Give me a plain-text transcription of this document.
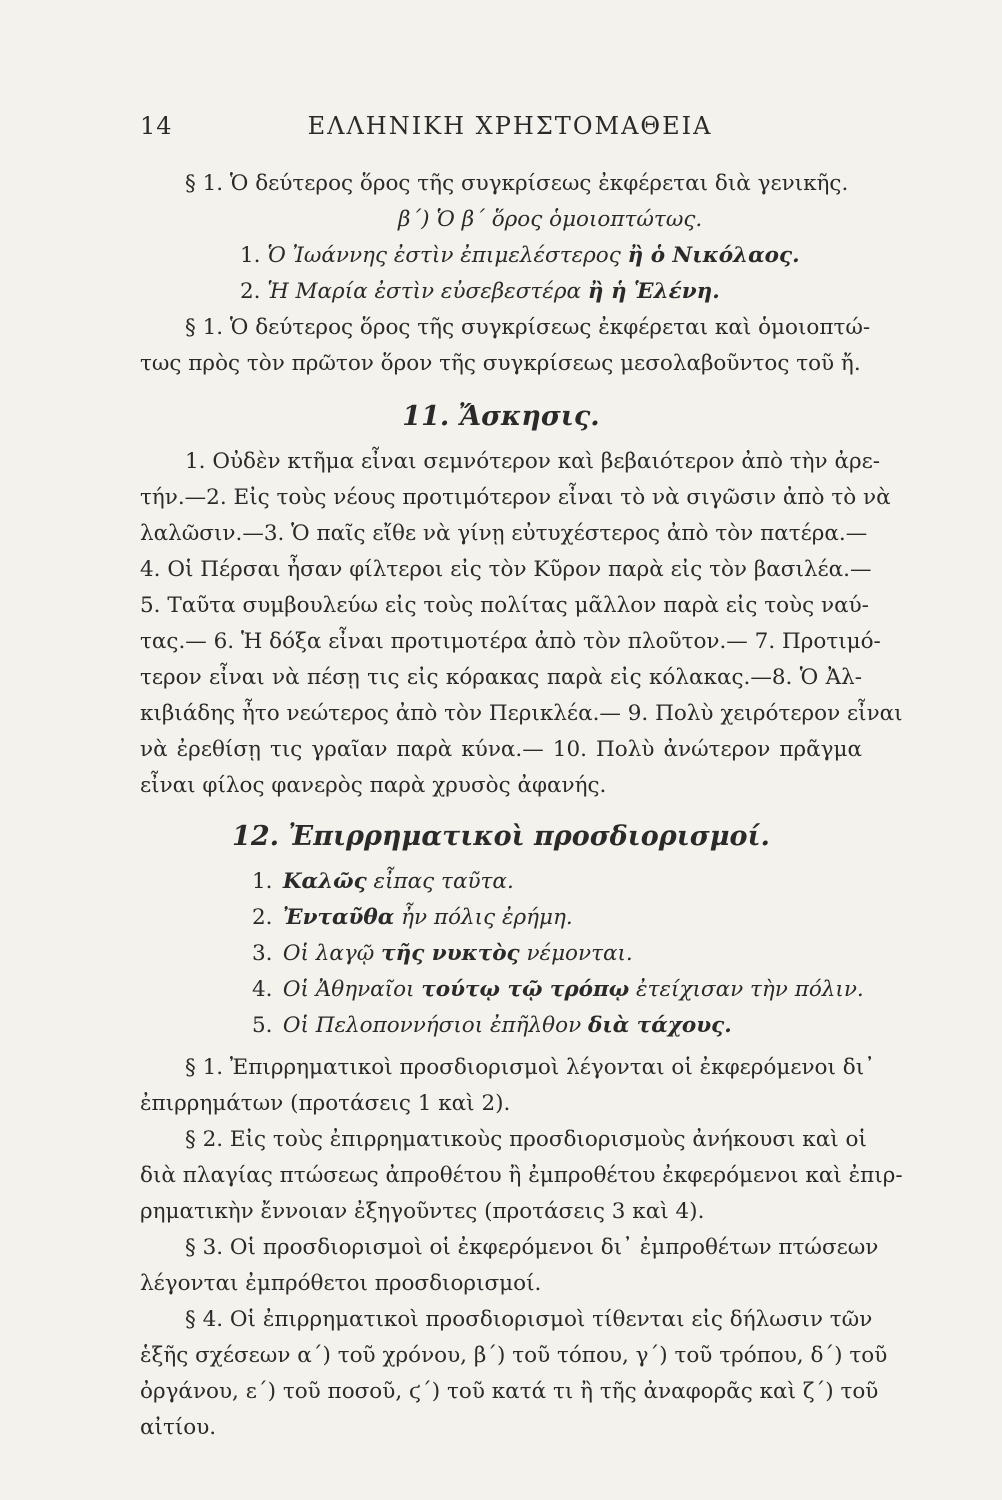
14	ΕΛΛΗΝΙΚΗ ΧΡΗΣΤΟΜΑΘΕΙΑ
§ 1. Ὁ δεύτερος ὅρος τῆς συγκρίσεως ἐκφέρεται διὰ γενικῆς.
β΄) Ὁ β΄ ὅρος ὁμοιοπτώτως.
1. Ὁ Ἰωάννης ἐστὶν ἐπιμελέστερος ἢ ὁ Νικόλαος.
2. Ἡ Μαρία ἐστὶν εὐσεβεστέρα ἢ ἡ Ἑλένη.
§ 1. Ὁ δεύτερος ὅρος τῆς συγκρίσεως ἐκφέρεται καὶ ὁμοιοπτώ-
τως πρὸς τὸν πρῶτον ὅρον τῆς συγκρίσεως μεσολαβοῦντος τοῦ ἤ.
11. Ἄσκησις.
1. Οὐδὲν κτῆμα εἶναι σεμνότερον καὶ βεβαιότερον ἀπὸ τὴν ἀρε-
τήν.—2. Εἰς τοὺς νέους προτιμότερον εἶναι τὸ νὰ σιγῶσιν ἀπὸ τὸ νὰ
λαλῶσιν.—3. Ὁ παῖς εἴθε νὰ γίνῃ εὐτυχέστερος ἀπὸ τὸν πατέρα.—
4. Οἱ Πέρσαι ἦσαν φίλτεροι εἰς τὸν Κῦρον παρὰ εἰς τὸν βασιλέα.—
5. Ταῦτα συμβουλεύω εἰς τοὺς πολίτας μᾶλλον παρὰ εἰς τοὺς ναύ-
τας.— 6. Ἡ δόξα εἶναι προτιμοτέρα ἀπὸ τὸν πλοῦτον.— 7. Προτιμό-
τερον εἶναι νὰ πέσῃ τις εἰς κόρακας παρὰ εἰς κόλακας.—8. Ὁ Ἀλ-
κιβιάδης ἦτο νεώτερος ἀπὸ τὸν Περικλέα.— 9. Πολὺ χειρότερον εἶναι
νὰ ἐρεθίσῃ τις γραῖαν παρὰ κύνα.— 10. Πολὺ ἀνώτερον πρᾶγμα
εἶναι φίλος φανερὸς παρὰ χρυσὸς ἀφανής.
12. Ἐπιρρηματικοὶ προσδιορισμοί.
1. Καλῶς εἶπας ταῦτα.
2. Ἐνταῦθα ἦν πόλις ἐρήμη.
3. Οἱ λαγῷ τῆς νυκτὸς νέμονται.
4. Οἱ Ἀθηναῖοι τούτῳ τῷ τρόπῳ ἐτείχισαν τὴν πόλιν.
5. Οἱ Πελοποννήσιοι ἐπῆλθον διὰ τάχους.
§ 1. Ἐπιρρηματικοὶ προσδιορισμοὶ λέγονται οἱ ἐκφερόμενοι δι᾽
ἐπιρρημάτων (προτάσεις 1 καὶ 2).
§ 2. Εἰς τοὺς ἐπιρρηματικοὺς προσδιορισμοὺς ἀνήκουσι καὶ οἱ
διὰ πλαγίας πτώσεως ἀπροθέτου ἢ ἐμπροθέτου ἐκφερόμενοι καὶ ἐπιρ-
ρηματικὴν ἔννοιαν ἐξηγοῦντες (προτάσεις 3 καὶ 4).
§ 3. Οἱ προσδιορισμοὶ οἱ ἐκφερόμενοι δι᾽ ἐμπροθέτων πτώσεων
λέγονται ἐμπρόθετοι προσδιορισμοί.
§ 4. Οἱ ἐπιρρηματικοὶ προσδιορισμοὶ τίθενται εἰς δήλωσιν τῶν
ἑξῆς σχέσεων α΄) τοῦ χρόνου, β΄) τοῦ τόπου, γ΄) τοῦ τρόπου, δ΄) τοῦ
ὀργάνου, ε΄) τοῦ ποσοῦ, ϛ΄) τοῦ κατά τι ἢ τῆς ἀναφορᾶς καὶ ζ΄) τοῦ
αἰτίου.
